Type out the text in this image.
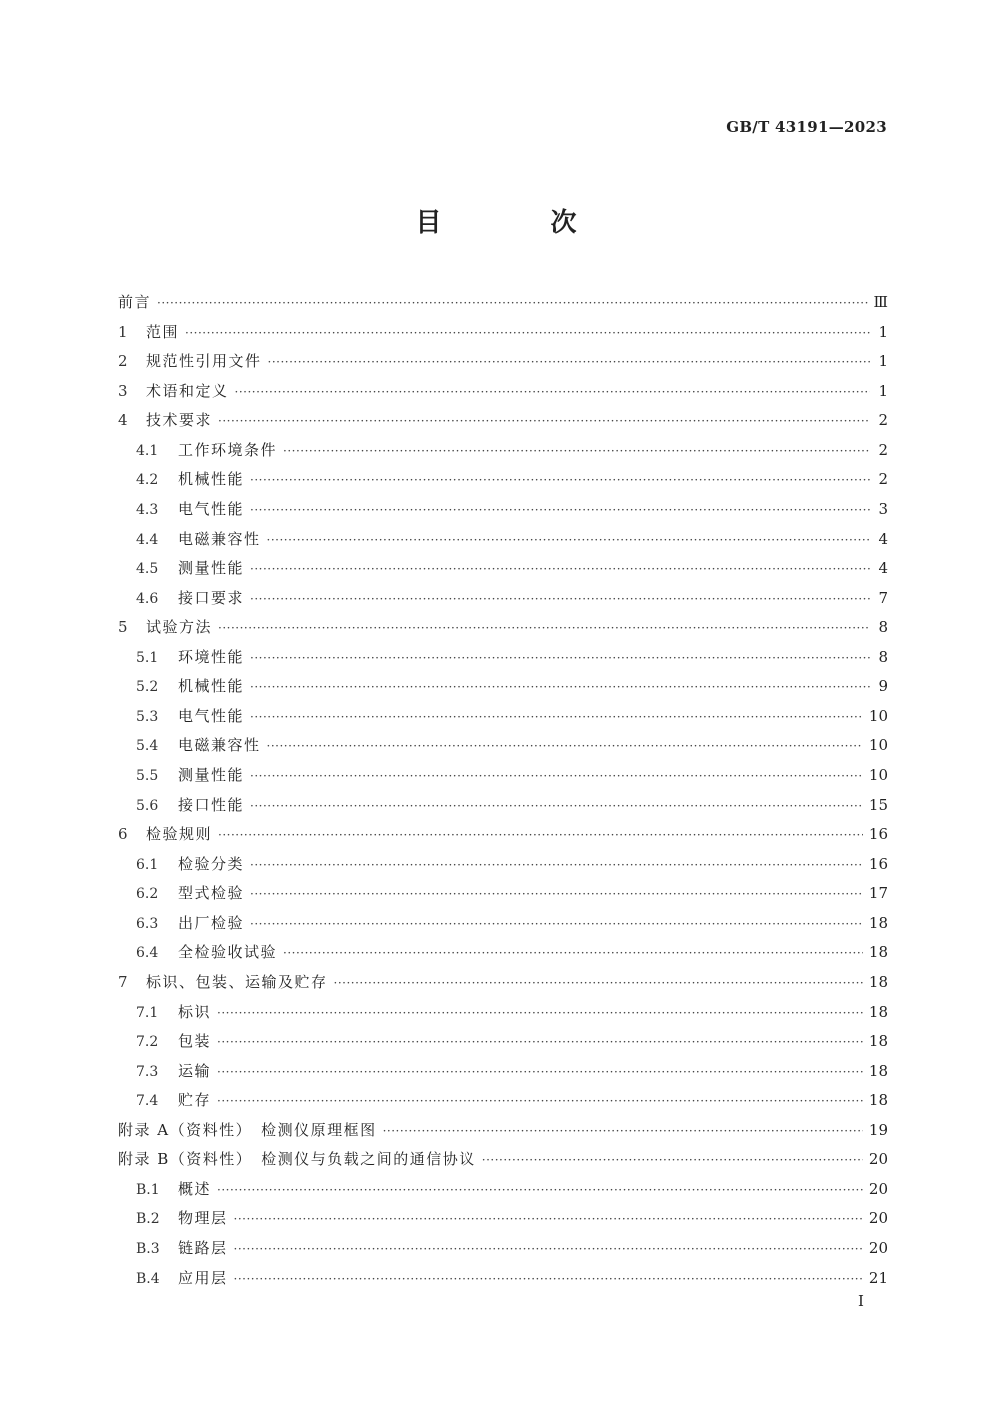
GB/T 43191—2023
目 次
前言 ·····	Ⅲ
1	范围 ·····	1
2	规范性引用文件 ·····	1
3	术语和定义 ·····	1
4	技术要求 ·····	2
4.1	工作环境条件 ·····	2
4.2	机械性能 ·····	2
4.3	电气性能 ·····	3
4.4	电磁兼容性 ·····	4
4.5	测量性能 ·····	4
4.6	接口要求 ·····	7
5	试验方法 ·····	8
5.1	环境性能 ·····	8
5.2	机械性能 ·····	9
5.3	电气性能 ·····	10
5.4	电磁兼容性 ·····	10
5.5	测量性能 ·····	10
5.6	接口性能 ·····	15
6	检验规则 ·····	16
6.1	检验分类 ·····	16
6.2	型式检验 ·····	17
6.3	出厂检验 ·····	18
6.4	全检验收试验 ·····	18
7	标识、包装、运输及贮存 ·····	18
7.1	标识 ·····	18
7.2	包装 ·····	18
7.3	运输 ·····	18
7.4	贮存 ·····	18
附录 A（资料性）　检测仪原理框图 ·····	19
附录 B（资料性）　检测仪与负载之间的通信协议 ·····	20
B.1	概述 ·····	20
B.2	物理层 ·····	20
B.3	链路层 ·····	20
B.4	应用层 ·····	21
I
